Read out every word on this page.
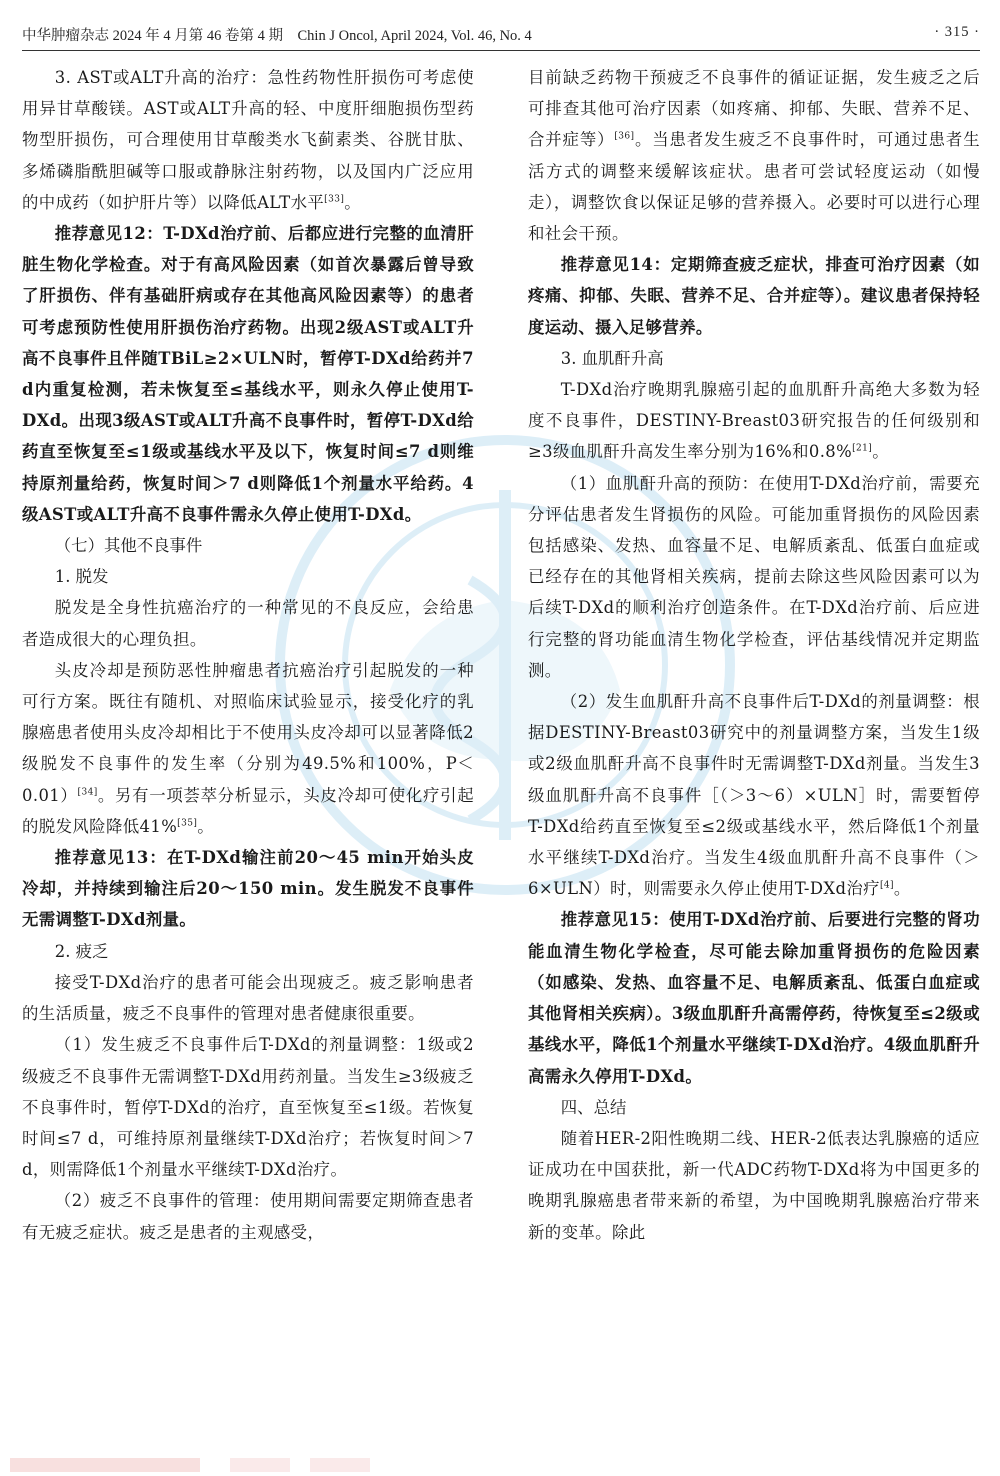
中华肿瘤杂志 2024 年 4 月第 46 卷第 4 期　Chin J Oncol, April 2024, Vol. 46, No. 4	· 315 ·

3. AST或ALT升高的治疗：急性药物性肝损伤可考虑使用异甘草酸镁。AST或ALT升高的轻、中度肝细胞损伤型药物型肝损伤，可合理使用甘草酸类水飞蓟素类、谷胱甘肽、多烯磷脂酰胆碱等口服或静脉注射药物，以及国内广泛应用的中成药（如护肝片等）以降低ALT水平[33]。

推荐意见12：T-DXd治疗前、后都应进行完整的血清肝脏生物化学检查。对于有高风险因素（如首次暴露后曾导致了肝损伤、伴有基础肝病或存在其他高风险因素等）的患者可考虑预防性使用肝损伤治疗药物。出现2级AST或ALT升高不良事件且伴随TBiL≥2×ULN时，暂停T-DXd给药并7 d内重复检测，若未恢复至≤基线水平，则永久停止使用T-DXd。出现3级AST或ALT升高不良事件时，暂停T-DXd给药直至恢复至≤1级或基线水平及以下，恢复时间≤7 d则维持原剂量给药，恢复时间＞7 d则降低1个剂量水平给药。4级AST或ALT升高不良事件需永久停止使用T-DXd。

（七）其他不良事件

1. 脱发

脱发是全身性抗癌治疗的一种常见的不良反应，会给患者造成很大的心理负担。

头皮冷却是预防恶性肿瘤患者抗癌治疗引起脱发的一种可行方案。既往有随机、对照临床试验显示，接受化疗的乳腺癌患者使用头皮冷却相比于不使用头皮冷却可以显著降低2级脱发不良事件的发生率（分别为49.5%和100%，P＜0.01）[34]。另有一项荟萃分析显示，头皮冷却可使化疗引起的脱发风险降低41%[35]。

推荐意见13：在T-DXd输注前20～45 min开始头皮冷却，并持续到输注后20～150 min。发生脱发不良事件无需调整T-DXd剂量。

2. 疲乏

接受T-DXd治疗的患者可能会出现疲乏。疲乏影响患者的生活质量，疲乏不良事件的管理对患者健康很重要。

（1）发生疲乏不良事件后T-DXd的剂量调整：1级或2级疲乏不良事件无需调整T-DXd用药剂量。当发生≥3级疲乏不良事件时，暂停T-DXd的治疗，直至恢复至≤1级。若恢复时间≤7 d，可维持原剂量继续T-DXd治疗；若恢复时间＞7 d，则需降低1个剂量水平继续T-DXd治疗。

（2）疲乏不良事件的管理：使用期间需要定期筛查患者有无疲乏症状。疲乏是患者的主观感受，

目前缺乏药物干预疲乏不良事件的循证证据，发生疲乏之后可排查其他可治疗因素（如疼痛、抑郁、失眠、营养不足、合并症等）[36]。当患者发生疲乏不良事件时，可通过患者生活方式的调整来缓解该症状。患者可尝试轻度运动（如慢走），调整饮食以保证足够的营养摄入。必要时可以进行心理和社会干预。

推荐意见14：定期筛查疲乏症状，排查可治疗因素（如疼痛、抑郁、失眠、营养不足、合并症等）。建议患者保持轻度运动、摄入足够营养。

3. 血肌酐升高

T-DXd治疗晚期乳腺癌引起的血肌酐升高绝大多数为轻度不良事件，DESTINY-Breast03研究报告的任何级别和≥3级血肌酐升高发生率分别为16%和0.8%[21]。

（1）血肌酐升高的预防：在使用T-DXd治疗前，需要充分评估患者发生肾损伤的风险。可能加重肾损伤的风险因素包括感染、发热、血容量不足、电解质紊乱、低蛋白血症或已经存在的其他肾相关疾病，提前去除这些风险因素可以为后续T-DXd的顺利治疗创造条件。在T-DXd治疗前、后应进行完整的肾功能血清生物化学检查，评估基线情况并定期监测。

（2）发生血肌酐升高不良事件后T-DXd的剂量调整：根据DESTINY-Breast03研究中的剂量调整方案，当发生1级或2级血肌酐升高不良事件时无需调整T-DXd剂量。当发生3级血肌酐升高不良事件［（＞3～6）×ULN］时，需要暂停T-DXd给药直至恢复至≤2级或基线水平，然后降低1个剂量水平继续T-DXd治疗。当发生4级血肌酐升高不良事件（＞6×ULN）时，则需要永久停止使用T-DXd治疗[4]。

推荐意见15：使用T-DXd治疗前、后要进行完整的肾功能血清生物化学检查，尽可能去除加重肾损伤的危险因素（如感染、发热、血容量不足、电解质紊乱、低蛋白血症或其他肾相关疾病）。3级血肌酐升高需停药，待恢复至≤2级或基线水平，降低1个剂量水平继续T-DXd治疗。4级血肌酐升高需永久停用T-DXd。

四、总结

随着HER-2阳性晚期二线、HER-2低表达乳腺癌的适应证成功在中国获批，新一代ADC药物T-DXd将为中国更多的晚期乳腺癌患者带来新的希望，为中国晚期乳腺癌治疗带来新的变革。除此
